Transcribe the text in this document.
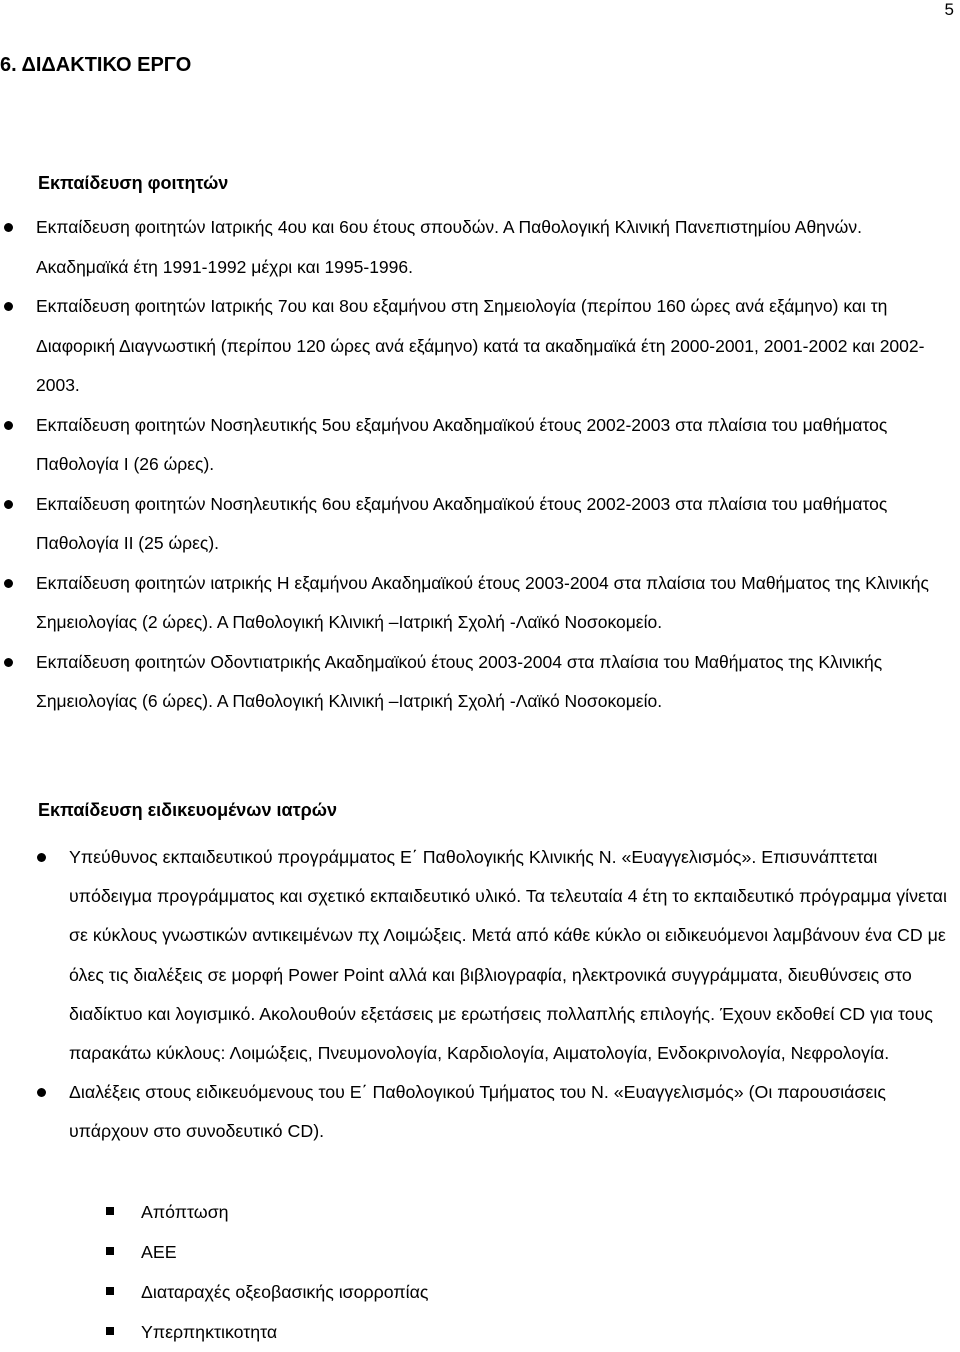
5
6. ΔΙΔΑΚΤΙΚΟ ΕΡΓΟ
Εκπαίδευση φοιτητών
Εκπαίδευση φοιτητών Ιατρικής 4ου και 6ου έτους σπουδών. Α Παθολογική Κλινική Πανεπιστημίου Αθηνών. Ακαδημαϊκά έτη 1991-1992 μέχρι και 1995-1996.
Εκπαίδευση φοιτητών Ιατρικής 7ου και 8ου εξαμήνου στη Σημειολογία (περίπου 160 ώρες ανά εξάμηνο) και τη Διαφορική Διαγνωστική (περίπου 120 ώρες ανά εξάμηνο) κατά τα ακαδημαϊκά έτη 2000-2001, 2001-2002 και 2002-2003.
Εκπαίδευση φοιτητών Νοσηλευτικής 5ου εξαμήνου Ακαδημαϊκού έτους 2002-2003 στα πλαίσια του μαθήματος Παθολογία Ι (26 ώρες).
Εκπαίδευση φοιτητών Νοσηλευτικής 6ου εξαμήνου Ακαδημαϊκού έτους 2002-2003 στα πλαίσια του μαθήματος Παθολογία ΙΙ (25 ώρες).
Εκπαίδευση φοιτητών ιατρικής Η εξαμήνου Ακαδημαϊκού έτους 2003-2004 στα πλαίσια του Μαθήματος της Κλινικής Σημειολογίας (2 ώρες). Α Παθολογική Κλινική –Ιατρική Σχολή -Λαϊκό Νοσοκομείο.
Εκπαίδευση φοιτητών Οδοντιατρικής Ακαδημαϊκού έτους 2003-2004 στα πλαίσια του Μαθήματος της Κλινικής Σημειολογίας (6 ώρες). Α Παθολογική Κλινική –Ιατρική Σχολή -Λαϊκό Νοσοκομείο.
Εκπαίδευση ειδικευομένων ιατρών
Υπεύθυνος εκπαιδευτικού προγράμματος Ε΄ Παθολογικής Κλινικής Ν. «Ευαγγελισμός». Επισυνάπτεται υπόδειγμα προγράμματος και σχετικό εκπαιδευτικό υλικό. Τα τελευταία 4 έτη το εκπαιδευτικό πρόγραμμα γίνεται σε κύκλους γνωστικών αντικειμένων πχ Λοιμώξεις. Μετά από κάθε κύκλο οι ειδικευόμενοι λαμβάνουν ένα CD με όλες τις διαλέξεις σε μορφή Power Point αλλά και βιβλιογραφία, ηλεκτρονικά συγγράμματα, διευθύνσεις στο διαδίκτυο και λογισμικό. Ακολουθούν εξετάσεις με ερωτήσεις πολλαπλής επιλογής. Έχουν εκδοθεί CD για τους παρακάτω κύκλους: Λοιμώξεις, Πνευμονολογία, Καρδιολογία, Αιματολογία, Ενδοκρινολογία, Νεφρολογία.
Διαλέξεις στους ειδικευόμενους του Ε΄ Παθολογικού Τμήματος του Ν. «Ευαγγελισμός» (Οι παρουσιάσεις υπάρχουν στο συνοδευτικό CD).
Απόπτωση
ΑΕΕ
Διαταραχές οξεοβασικής ισορροπίας
Υπερπηκτικοτητα
